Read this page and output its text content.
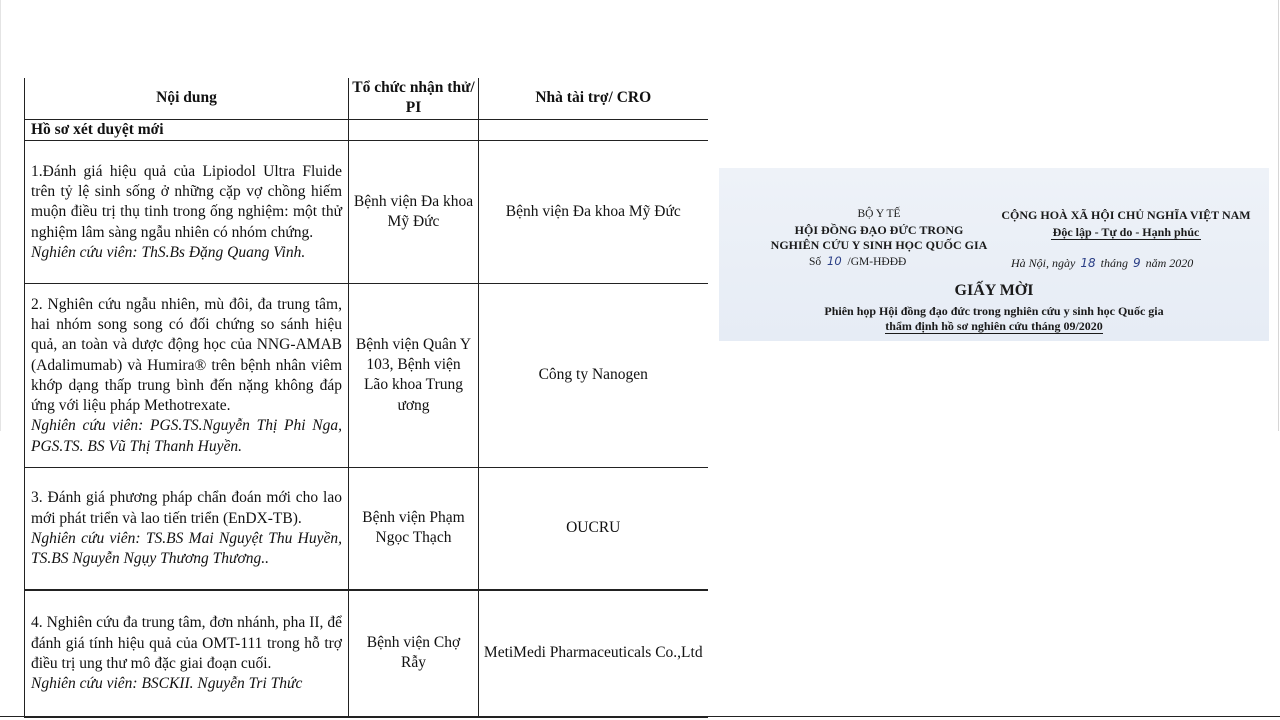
Nội dung	Tổ chức nhận thử/ PI	Nhà tài trợ/ CRO
Hồ sơ xét duyệt mới		
1.Đánh giá hiệu quả của Lipiodol Ultra Fluide trên tỷ lệ sinh sống ở những cặp vợ chồng hiếm muộn điều trị thụ tinh trong ống nghiệm: một thử nghiệm lâm sàng ngẫu nhiên có nhóm chứng.
Nghiên cứu viên: ThS.Bs Đặng Quang Vinh.	Bệnh viện Đa khoa Mỹ Đức	Bệnh viện Đa khoa Mỹ Đức
2. Nghiên cứu ngẫu nhiên, mù đôi, đa trung tâm, hai nhóm song song có đối chứng so sánh hiệu quả, an toàn và dược động học của NNG-AMAB (Adalimumab) và Humira® trên bệnh nhân viêm khớp dạng thấp trung bình đến nặng không đáp ứng với liệu pháp Methotrexate.
Nghiên cứu viên: PGS.TS.Nguyễn Thị Phi Nga, PGS.TS. BS Vũ Thị Thanh Huyền.	Bệnh viện Quân Y 103, Bệnh viện Lão khoa Trung ương	Công ty Nanogen
3. Đánh giá phương pháp chẩn đoán mới cho lao mới phát triển và lao tiến triển (EnDX-TB).
Nghiên cứu viên: TS.BS Mai Nguyệt Thu Huyền, TS.BS Nguyễn Ngụy Thương Thương..	Bệnh viện Phạm Ngọc Thạch	OUCRU
4. Nghiên cứu đa trung tâm, đơn nhánh, pha II, để đánh giá tính hiệu quả của OMT-111 trong hỗ trợ điều trị ung thư mô đặc giai đoạn cuối.
Nghiên cứu viên: BSCKII. Nguyễn Tri Thức	Bệnh viện Chợ Rẫy	MetiMedi Pharmaceuticals Co.,Ltd
BỘ Y TẾ
HỘI ĐỒNG ĐẠO ĐỨC TRONG
NGHIÊN CỨU Y SINH HỌC QUỐC GIA
Số 10 /GM-HĐĐĐ
CỘNG HOÀ XÃ HỘI CHỦ NGHĨA VIỆT NAM
Độc lập - Tự do - Hạnh phúc
Hà Nội, ngày 18 tháng 9 năm 2020
GIẤY MỜI
Phiên họp Hội đồng đạo đức trong nghiên cứu y sinh học Quốc gia
thẩm định hồ sơ nghiên cứu tháng 09/2020
